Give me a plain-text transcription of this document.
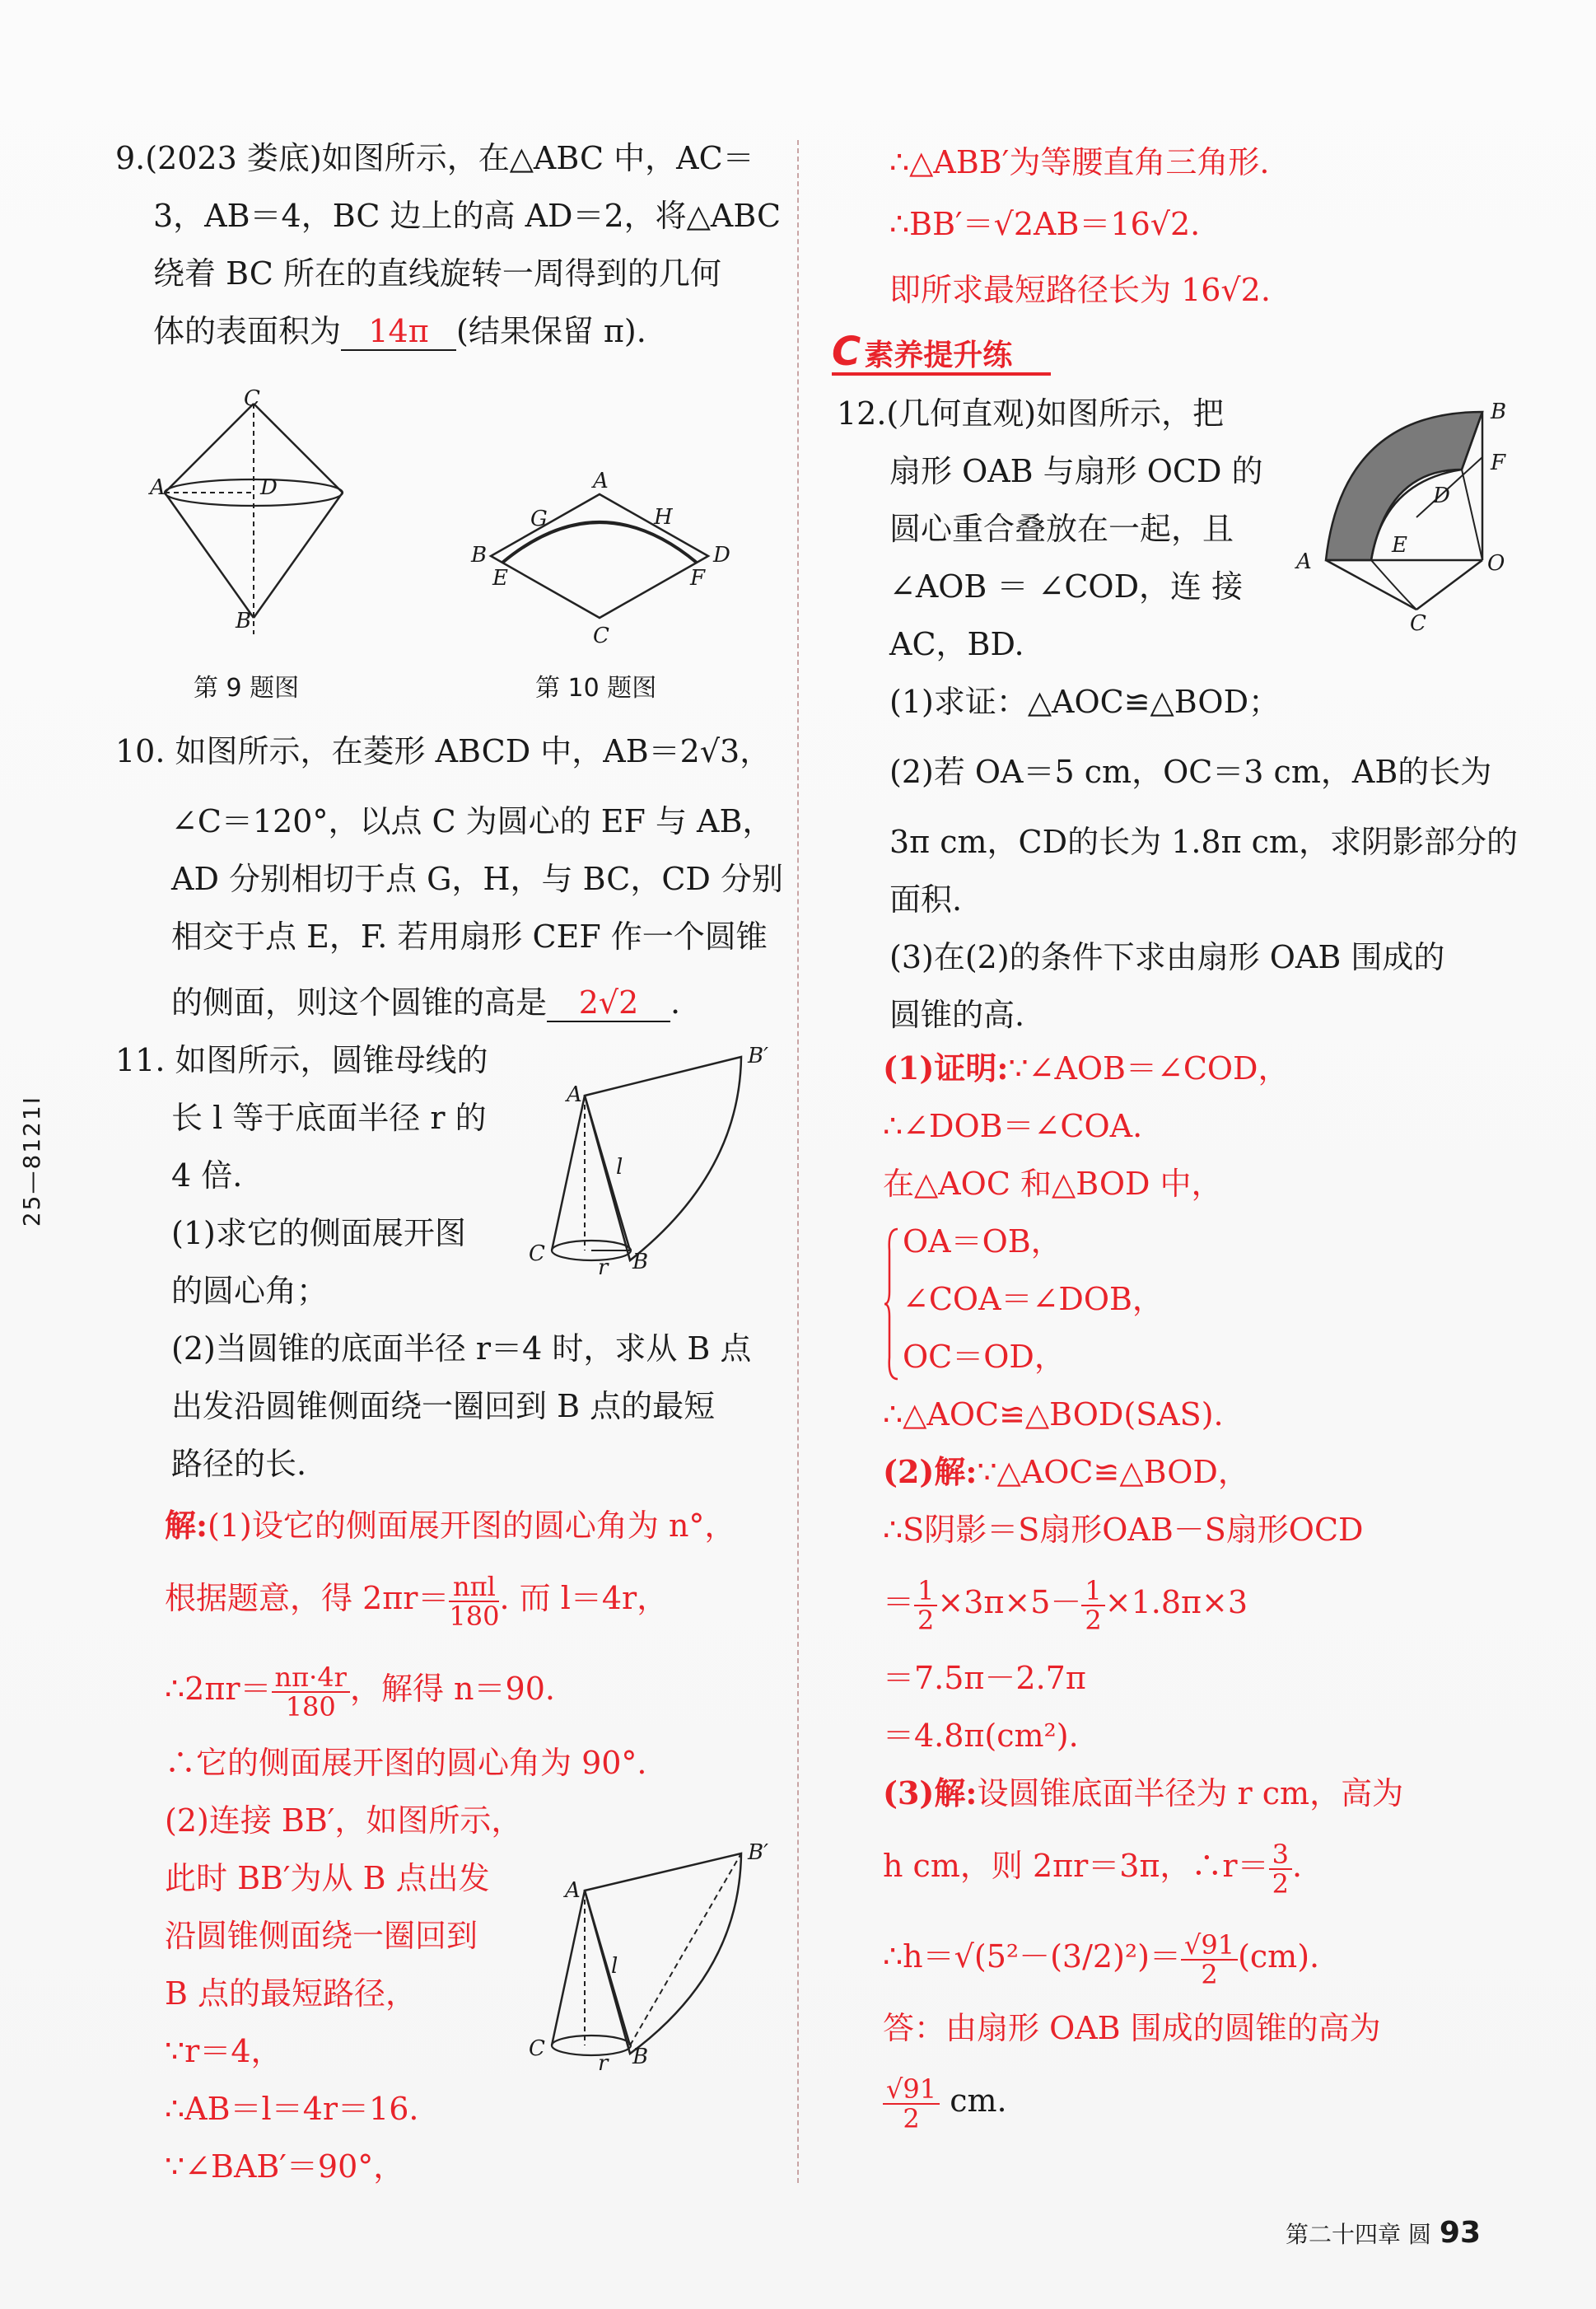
25—8121I
9.(2023 娄底)如图所示，在△ABC 中，AC＝
3，AB＝4，BC 边上的高 AD＝2，将△ABC
绕着 BC 所在的直线旋转一周得到的几何
体的表面积为 14π (结果保留 π).
C
A	D
B
第 9 题图
A
G	H
B	D
E	F
C
第 10 题图
10. 如图所示，在菱形 ABCD 中，AB＝2√3，
∠C＝120°，以点 C 为圆心的 EF 与 AB，
AD 分别相切于点 G，H，与 BC，CD 分别
相交于点 E，F. 若用扇形 CEF 作一个圆锥
的侧面，则这个圆锥的高是 2√2 .
11. 如图所示，圆锥母线的
长 l 等于底面半径 r 的
4 倍.
(1)求它的侧面展开图
的圆心角；
(2)当圆锥的底面半径 r＝4 时，求从 B 点
出发沿圆锥侧面绕一圈回到 B 点的最短
路径的长.
B′
A
l
C
r B
解:(1)设它的侧面展开图的圆心角为 n°，
根据题意，得 $2\pi r= \frac{\text{nπl}}{180}$ . 而 l＝4r，
∴2πr＝ $\frac{n\pi\cdot 4r}{180}$ ，解得 n＝90.
∴它的侧面展开图的圆心角为 90°.
(2)连接 BB′，如图所示，
此时 BB′为从 B 点出发
沿圆锥侧面绕一圈回到
B 点的最短路径，
∵r＝4，
∴AB＝l＝4r＝16.
∵∠BAB′＝90°，
B′
A
l
C
r B
∴△ABB′为等腰直角三角形.
∴BB′＝√2AB＝16√2.
即所求最短路径长为 16√2.
C 素养提升练
12.(几何直观)如图所示，把
扇形 OAB 与扇形 OCD 的
圆心重合叠放在一起，且
∠AOB ＝ ∠COD，连 接
AC，BD.
(1)求证：△AOC≌△BOD；
(2)若 OA＝5 cm，OC＝3 cm，AB的长为
3π cm，CD的长为 1.8π cm，求阴影部分的
面积.
(3)在(2)的条件下求由扇形 OAB 围成的
圆锥的高.
B
F
D
A
E
O
C
(1)证明:∵∠AOB＝∠COD，
∴∠DOB＝∠COA.
在△AOC 和△BOD 中，
OA＝OB，
∠COA＝∠DOB，
OC＝OD，
∴△AOC≌△BOD(SAS).
(2)解:∵△AOC≌△BOD，
∴S阴影＝S扇形OAB－S扇形OCD
＝ $\frac{1}{2} \times 3\pi\times 5- \frac{1}{2} \times 1.8\pi\times 3$
＝7.5π－2.7π
＝4.8π(cm²).
(3)解:设圆锥底面半径为 r cm，高为
h cm，则 2πr＝3π，∴r＝ $\frac{3}{2}$ .
∴h＝√(5²－(3/2)²)＝ $\frac{√91}{2} (cm)$.
答：由扇形 OAB 围成的圆锥的高为
$\frac{√91}{2}$ cm.
第二十四章 圆 93
